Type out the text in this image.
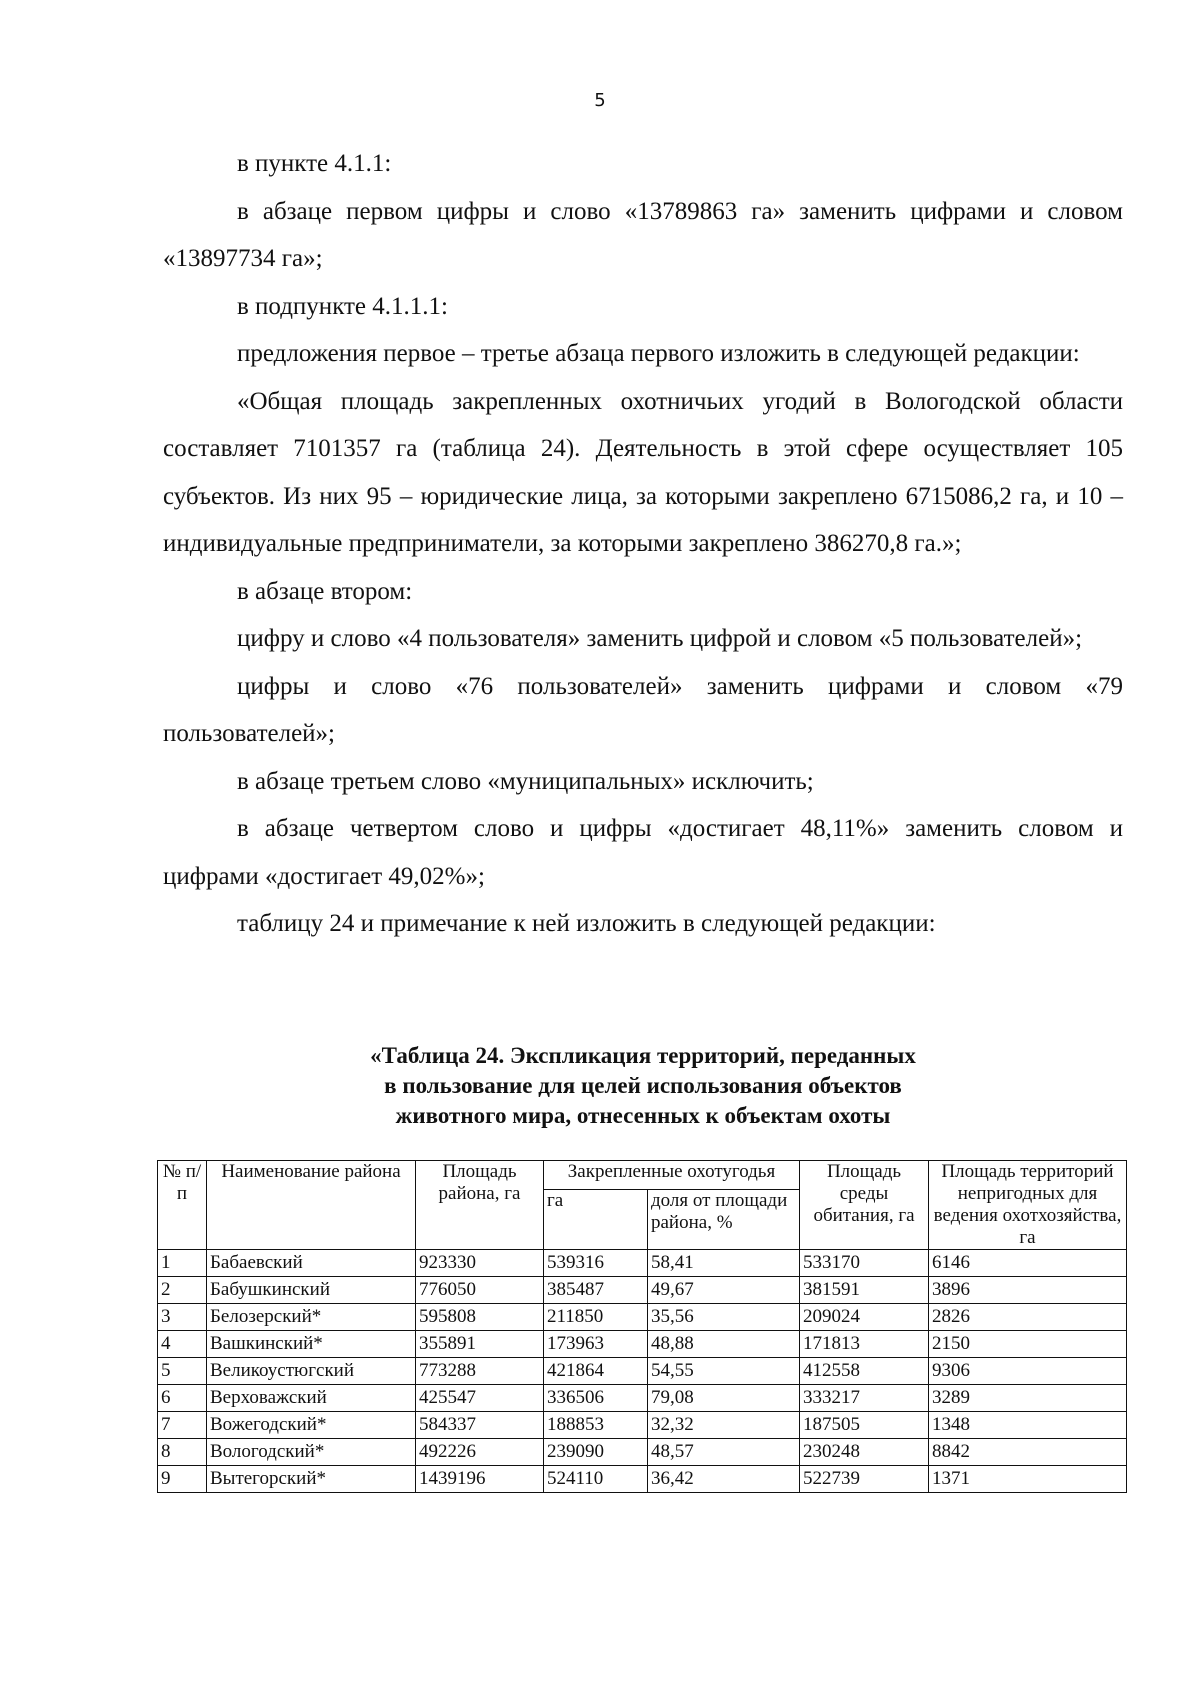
5

в пункте 4.1.1:

в абзаце первом цифры и слово «13789863 га» заменить цифрами и словом «13897734 га»;

в подпункте 4.1.1.1:

предложения первое – третье абзаца первого изложить в следующей редакции:

«Общая площадь закрепленных охотничьих угодий в Вологодской области составляет 7101357 га (таблица 24). Деятельность в этой сфере осуществляет 105 субъектов. Из них 95 – юридические лица, за которыми закреплено 6715086,2 га, и 10 – индивидуальные предприниматели, за которыми закреплено 386270,8 га.»;

в абзаце втором:

цифру и слово «4 пользователя» заменить цифрой и словом «5 пользователей»;

цифры и слово «76 пользователей» заменить цифрами и словом «79 пользователей»;

в абзаце третьем слово «муниципальных» исключить;

в абзаце четвертом слово и цифры «достигает 48,11%» заменить словом и цифрами «достигает 49,02%»;

таблицу 24 и примечание к ней изложить в следующей редакции:

«Таблица 24. Экспликация территорий, переданных
в пользование для целей использования объектов
животного мира, отнесенных к объектам охоты
№ п/п	Наименование района	Площадь района, га	Закрепленные охотугодья		Площадь среды обитания, га	Площадь территорий непригодных для ведения охотхозяйства, га
			га	доля от площади района, %		
1	Бабаевский	923330	539316	58,41	533170	6146
2	Бабушкинский	776050	385487	49,67	381591	3896
3	Белозерский*	595808	211850	35,56	209024	2826
4	Вашкинский*	355891	173963	48,88	171813	2150
5	Великоустюгский	773288	421864	54,55	412558	9306
6	Верховажский	425547	336506	79,08	333217	3289
7	Вожегодский*	584337	188853	32,32	187505	1348
8	Вологодский*	492226	239090	48,57	230248	8842
9	Вытегорский*	1439196	524110	36,42	522739	1371
